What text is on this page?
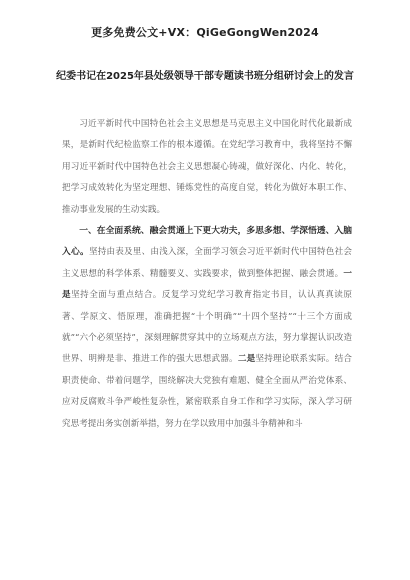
更多免费公文+VX：QiGeGongWen2024
纪委书记在2025年县处级领导干部专题读书班分组研讨会上的发言

习近平新时代中国特色社会主义思想是马克思主义中国化时代化最新成果，是新时代纪检监察工作的根本遵循。在党纪学习教育中，我将坚持不懈用习近平新时代中国特色社会主义思想凝心铸魂，做好深化、内化、转化，把学习成效转化为坚定理想、锤炼党性的高度自觉，转化为做好本职工作、推动事业发展的生动实践。

一、在全面系统、融会贯通上下更大功夫，多思多想、学深悟透、入脑入心。坚持由表及里、由浅入深，全面学习领会习近平新时代中国特色社会主义思想的科学体系、精髓要义、实践要求，做到整体把握、融会贯通。一是坚持全面与重点结合。反复学习党纪学习教育指定书目，认认真真读原著、学原文、悟原理，准确把握“十个明确”“十四个坚持”“十三个方面成就”“六个必须坚持”，深刻理解贯穿其中的立场观点方法，努力掌握认识改造世界、明辨是非、推进工作的强大思想武器。二是坚持理论联系实际。结合职责使命、带着问题学，围绕解决大党独有难题、健全全面从严治党体系、应对反腐败斗争严峻性复杂性，紧密联系自身工作和学习实际，深入学习研究思考提出务实创新举措，努力在学以致用中加强斗争精神和斗
